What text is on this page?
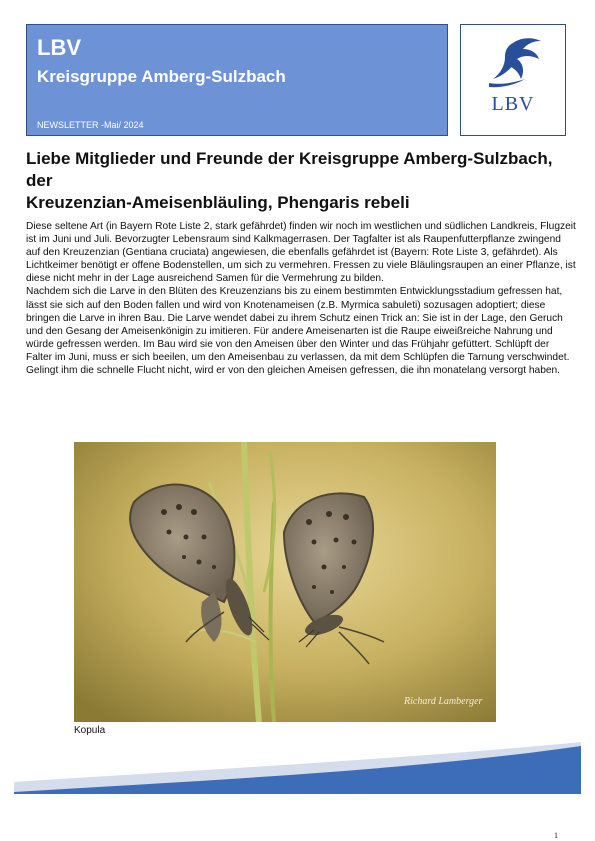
LBV
Kreisgruppe Amberg-Sulzbach
NEWSLETTER -Mai/ 2024
LBV
Liebe Mitglieder und Freunde der Kreisgruppe Amberg-Sulzbach,
der
Kreuzenzian-Ameisenbläuling, Phengaris rebeli

Diese seltene Art (in Bayern Rote Liste 2, stark gefährdet) finden wir noch im westlichen und südlichen Landkreis, Flugzeit ist im Juni und Juli. Bevorzugter Lebensraum sind Kalkmagerrasen. Der Tagfalter ist als Raupenfutterpflanze zwingend auf den Kreuzenzian (Gentiana cruciata) angewiesen, die ebenfalls gefährdet ist (Bayern: Rote Liste 3, gefährdet). Als Lichtkeimer benötigt er offene Bodenstellen, um sich zu vermehren. Fressen zu viele Bläulingsraupen an einer Pflanze, ist diese nicht mehr in der Lage ausreichend Samen für die Vermehrung zu bilden.

Nachdem sich die Larve in den Blüten des Kreuzenzians bis zu einem bestimmten Entwicklungsstadium gefressen hat, lässt sie sich auf den Boden fallen und wird von Knotenameisen (z.B. Myrmica sabuleti) sozusagen adoptiert; diese bringen die Larve in ihren Bau. Die Larve wendet dabei zu ihrem Schutz einen Trick an: Sie ist in der Lage, den Geruch und den Gesang der Ameisenkönigin zu imitieren. Für andere Ameisenarten ist die Raupe eiweißreiche Nahrung und würde gefressen werden. Im Bau wird sie von den Ameisen über den Winter und das Frühjahr gefüttert. Schlüpft der Falter im Juni, muss er sich beeilen, um den Ameisenbau zu verlassen, da mit dem Schlüpfen die Tarnung verschwindet. Gelingt ihm die schnelle Flucht nicht, wird er von den gleichen Ameisen gefressen, die ihn monatelang versorgt haben.

Richard Lamberger
Kopula
1
